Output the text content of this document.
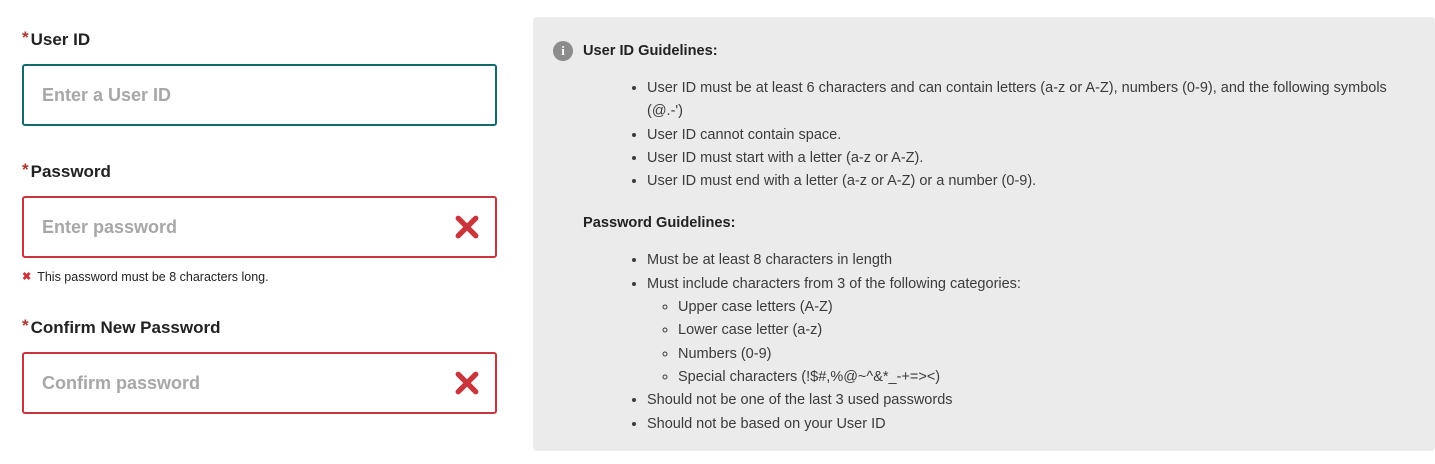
* User ID
Enter a User ID
* Password
✖ This password must be 8 characters long.
* Confirm New Password
i	User ID Guidelines:
• User ID must be at least 6 characters and can contain letters (a-z or A-Z), numbers (0-9), and the following symbols (@.-')
• User ID cannot contain space.
• User ID must start with a letter (a-z or A-Z).
• User ID must end with a letter (a-z or A-Z) or a number (0-9).
Password Guidelines:
• Must be at least 8 characters in length
• Must include characters from 3 of the following categories:
◦ Upper case letters (A-Z)
◦ Lower case letter (a-z)
◦ Numbers (0-9)
◦ Special characters (!$#,%@~^&*_-+=><)
• Should not be one of the last 3 used passwords
• Should not be based on your User ID
